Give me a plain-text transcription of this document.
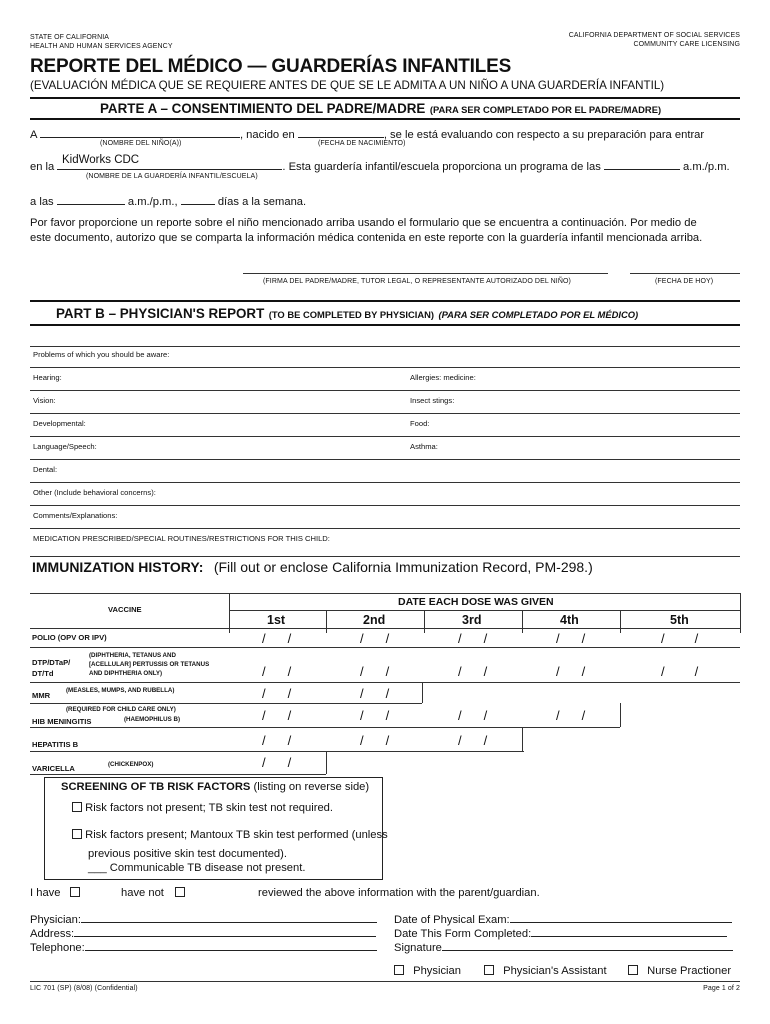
STATE OF CALIFORNIA
HEALTH AND HUMAN SERVICES AGENCY
CALIFORNIA DEPARTMENT OF SOCIAL SERVICES
COMMUNITY CARE LICENSING
REPORTE DEL MÉDICO — GUARDERÍAS INFANTILES
(EVALUACIÓN MÉDICA QUE SE REQUIERE ANTES DE QUE SE LE ADMITA A UN NIÑO A UNA GUARDERÍA INFANTIL)
PARTE A – CONSENTIMIENTO DEL PADRE/MADRE (PARA SER COMPLETADO POR EL PADRE/MADRE)
A	, nacido en	, se le está evaluando con respecto a su preparación para entrar
(NOMBRE DEL NIÑO(A))	(FECHA DE NACIMIENTO)
en la	. Esta guardería infantil/escuela proporciona un programa de las	a.m./p.m.
KidWorks CDC
(NOMBRE DE LA GUARDERÍA INFANTIL/ESCUELA)
a las	a.m./p.m.,	días a la semana.
Por favor proporcione un reporte sobre el niño mencionado arriba usando el formulario que se encuentra a continuación. Por medio de
este documento, autorizo que se comparta la información médica contenida en este reporte con la guardería infantil mencionada arriba.
(FIRMA DEL PADRE/MADRE, TUTOR LEGAL, O REPRESENTANTE AUTORIZADO DEL NIÑO)	(FECHA DE HOY)
PART B – PHYSICIAN'S REPORT (TO BE COMPLETED BY PHYSICIAN) (PARA SER COMPLETADO POR EL MÉDICO)
Problems of which you should be aware:
Hearing:	Allergies: medicine:
Vision:	Insect stings:
Developmental:	Food:
Language/Speech:	Asthma:
Dental:
Other (Include behavioral concerns):
Comments/Explanations:
MEDICATION PRESCRIBED/SPECIAL ROUTINES/RESTRICTIONS FOR THIS CHILD:
IMMUNIZATION HISTORY: (Fill out or enclose California Immunization Record, PM-298.)
VACCINE
DATE EACH DOSE WAS GIVEN
1st	2nd	3rd	4th	5th
POLIO (OPV OR IPV)	/ /	/ /	/ /	/ /	/ /
DTP/DTaP/
DT/Td
(DIPHTHERIA, TETANUS AND
[ACELLULAR] PERTUSSIS OR TETANUS
AND DIPHTHERIA ONLY)	/ /	/ /	/ /	/ /	/ /
MMR
(MEASLES, MUMPS, AND RUBELLA)	/ /	/ /
(REQUIRED FOR CHILD CARE ONLY)
(HAEMOPHILUS B)
HIB MENINGITIS	/ /	/ /	/ /	/ /
HEPATITIS B	/ /	/ /	/ /
VARICELLA	(CHICKENPOX)	/ /
SCREENING OF TB RISK FACTORS (listing on reverse side)
Risk factors not present; TB skin test not required.
Risk factors present; Mantoux TB skin test performed (unless
previous positive skin test documented).
___ Communicable TB disease not present.
I have	have not	reviewed the above information with the parent/guardian.
Physician:
Address:
Telephone:
Date of Physical Exam:
Date This Form Completed:
Signature
Physician	Physician's Assistant	Nurse Practioner
LIC 701 (SP) (8/08) (Confidential)	Page 1 of 2
